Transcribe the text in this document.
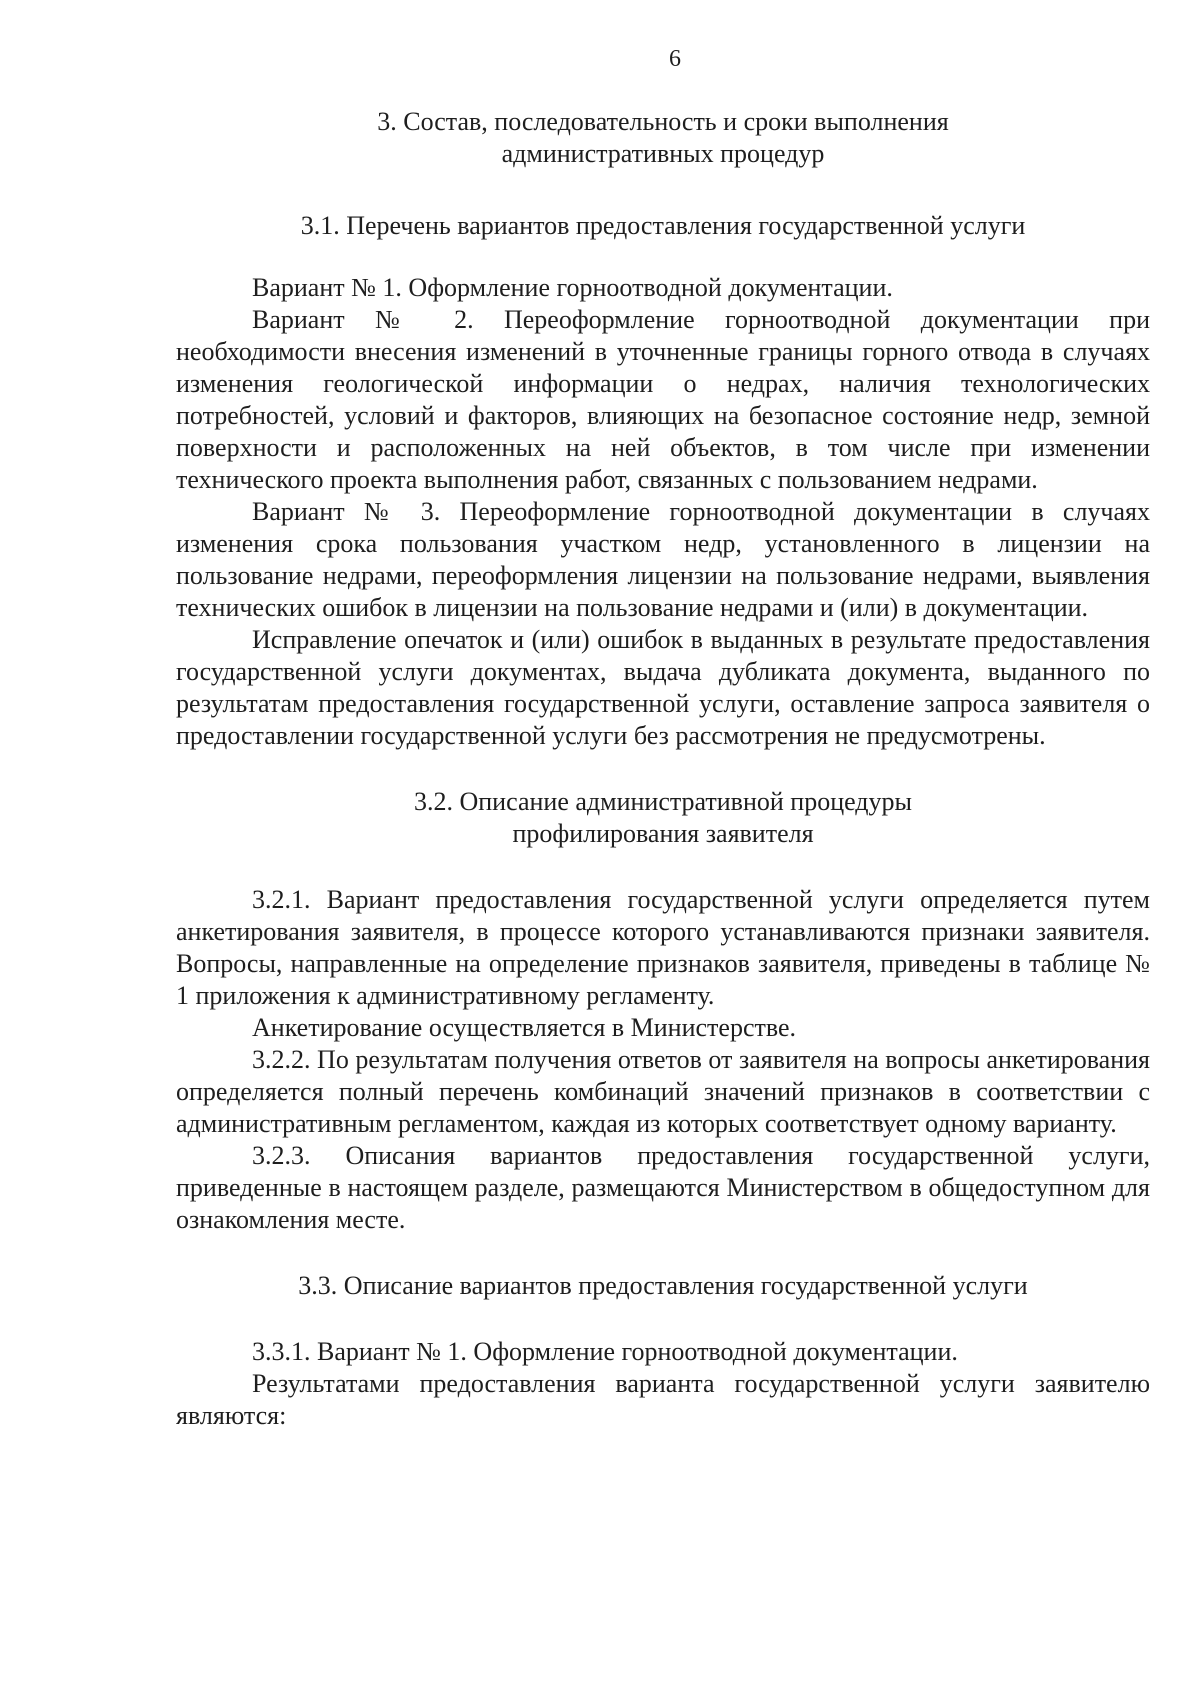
6
3. Состав, последовательность и сроки выполнения
административных процедур
3.1. Перечень вариантов предоставления государственной услуги

Вариант № 1. Оформление горноотводной документации.

Вариант № 2. Переоформление горноотводной документации при необходимости внесения изменений в уточненные границы горного отвода в случаях изменения геологической информации о недрах, наличия технологических потребностей, условий и факторов, влияющих на безопасное состояние недр, земной поверхности и расположенных на ней объектов, в том числе при изменении технического проекта выполнения работ, связанных с пользованием недрами.

Вариант № 3. Переоформление горноотводной документации в случаях изменения срока пользования участком недр, установленного в лицензии на пользование недрами, переоформления лицензии на пользование недрами, выявления технических ошибок в лицензии на пользование недрами и (или) в документации.

Исправление опечаток и (или) ошибок в выданных в результате предоставления государственной услуги документах, выдача дубликата документа, выданного по результатам предоставления государственной услуги, оставление запроса заявителя о предоставлении государственной услуги без рассмотрения не предусмотрены.

3.2. Описание административной процедуры
профилирования заявителя

3.2.1. Вариант предоставления государственной услуги определяется путем анкетирования заявителя, в процессе которого устанавливаются признаки заявителя. Вопросы, направленные на определение признаков заявителя, приведены в таблице № 1 приложения к административному регламенту.

Анкетирование осуществляется в Министерстве.

3.2.2. По результатам получения ответов от заявителя на вопросы анкетирования определяется полный перечень комбинаций значений признаков в соответствии с административным регламентом, каждая из которых соответствует одному варианту.

3.2.3. Описания вариантов предоставления государственной услуги, приведенные в настоящем разделе, размещаются Министерством в общедоступном для ознакомления месте.

3.3. Описание вариантов предоставления государственной услуги

3.3.1. Вариант № 1. Оформление горноотводной документации.

Результатами предоставления варианта государственной услуги заявителю являются:
